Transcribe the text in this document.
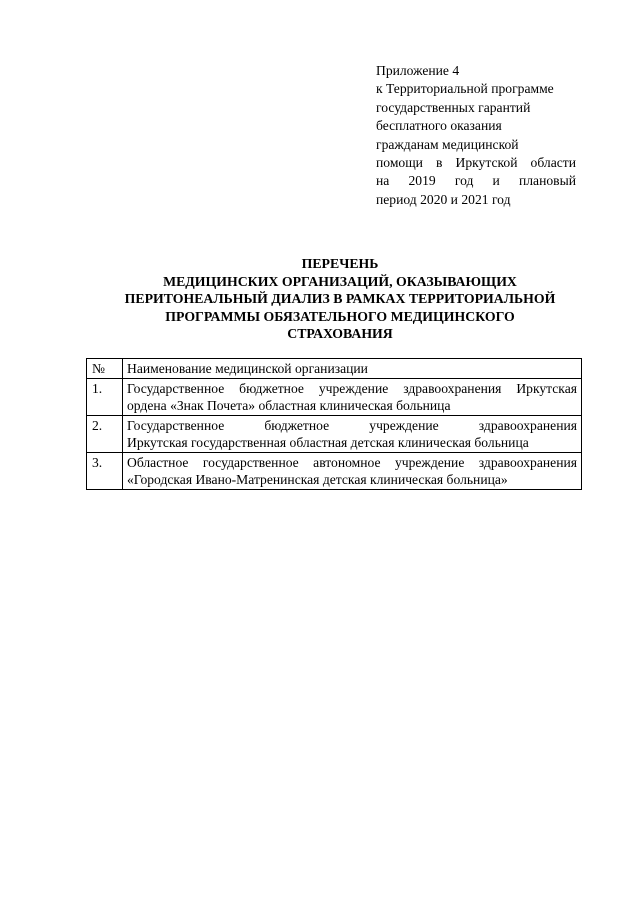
Приложение 4
к Территориальной программе
государственных гарантий
бесплатного оказания
гражданам медицинской
помощи в Иркутской области
на 2019 год и плановый
период 2020 и 2021 год
ПЕРЕЧЕНЬ
МЕДИЦИНСКИХ ОРГАНИЗАЦИЙ, ОКАЗЫВАЮЩИХ
ПЕРИТОНЕАЛЬНЫЙ ДИАЛИЗ В РАМКАХ ТЕРРИТОРИАЛЬНОЙ
ПРОГРАММЫ ОБЯЗАТЕЛЬНОГО МЕДИЦИНСКОГО
СТРАХОВАНИЯ
№	Наименование медицинской организации
1.	Государственное бюджетное учреждение здравоохранения Иркутская
ордена «Знак Почета» областная клиническая больница

2.	Государственное бюджетное учреждение здравоохранения
Иркутская государственная областная детская клиническая больница

3.	Областное государственное автономное учреждение здравоохранения
«Городская Ивано-Матренинская детская клиническая больница»
